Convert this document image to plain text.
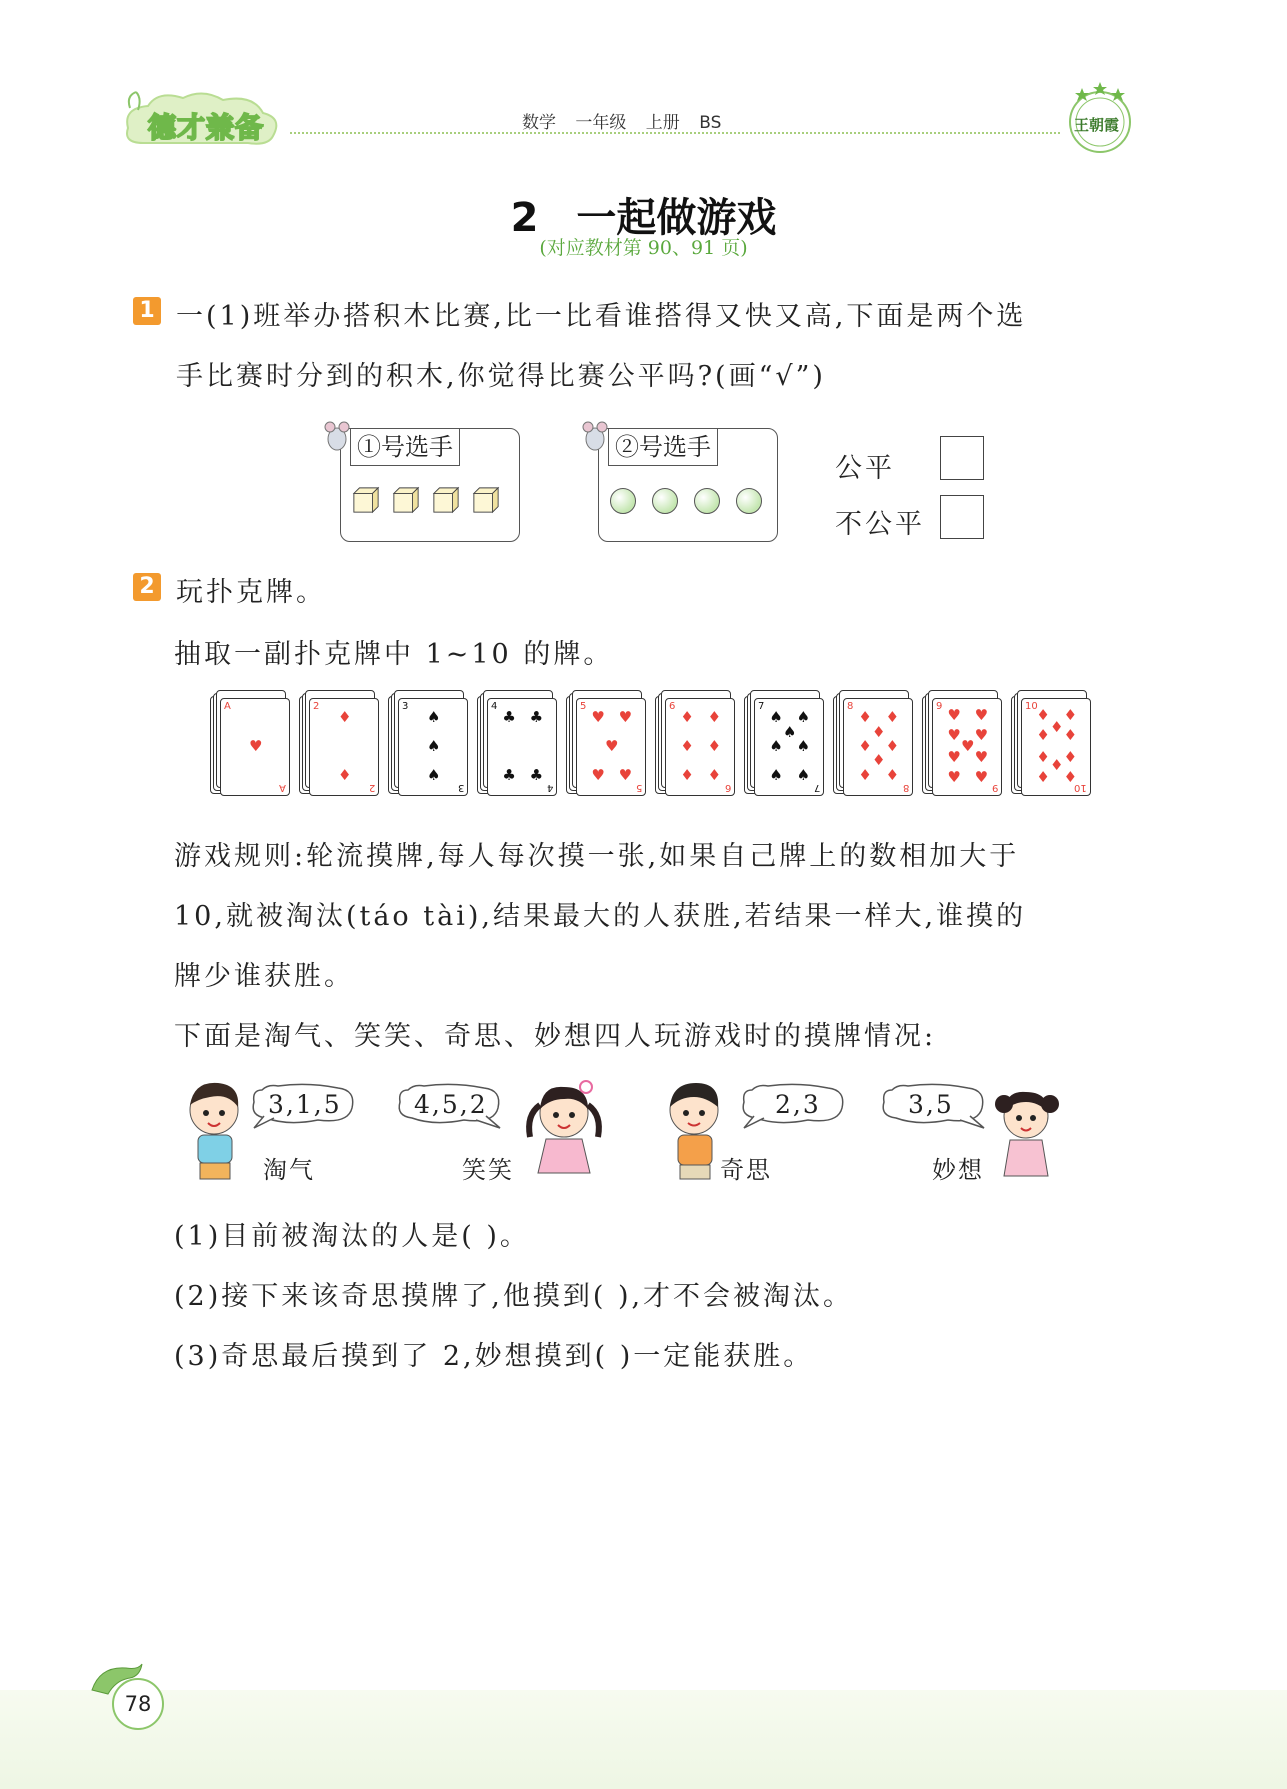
德才兼备	数学 一年级 上册 BS	王朝霞
2 一起做游戏
(对应教材第 90、91 页)
1 一(1)班举办搭积木比赛,比一比看谁搭得又快又高,下面是两个选
手比赛时分到的积木,你觉得比赛公平吗?(画“√”)
①号选手	②号选手
公平
不公平
2 玩扑克牌。
抽取一副扑克牌中 1~10 的牌。
A
A
♥
2
2
♦
♦
3
3
♠
♠
♠
4
4
♣ ♣
♣ ♣
5
5
♥ ♥
♥
♥ ♥
6
6
♦ ♦
♦ ♦
♦ ♦
7
7
♠ ♠
♠
♠ ♠
♠ ♠
8
8
♦ ♦
♦
♦ ♦
♦
♦ ♦
9
9
♥ ♥
♥ ♥
♥
♥ ♥
♥ ♥
10
10
♦ ♦
♦
♦ ♦
♦ ♦
♦
♦ ♦
游戏规则:轮流摸牌,每人每次摸一张,如果自己牌上的数相加大于
10,就被淘汰(táo tài),结果最大的人获胜,若结果一样大,谁摸的
牌少谁获胜。
下面是淘气、笑笑、奇思、妙想四人玩游戏时的摸牌情况:
3,1,5
淘气
4,5,2
笑笑
2,3
奇思
3,5
妙想
(1)目前被淘汰的人是( )。
(2)接下来该奇思摸牌了,他摸到( ),才不会被淘汰。
(3)奇思最后摸到了 2,妙想摸到( )一定能获胜。
78
